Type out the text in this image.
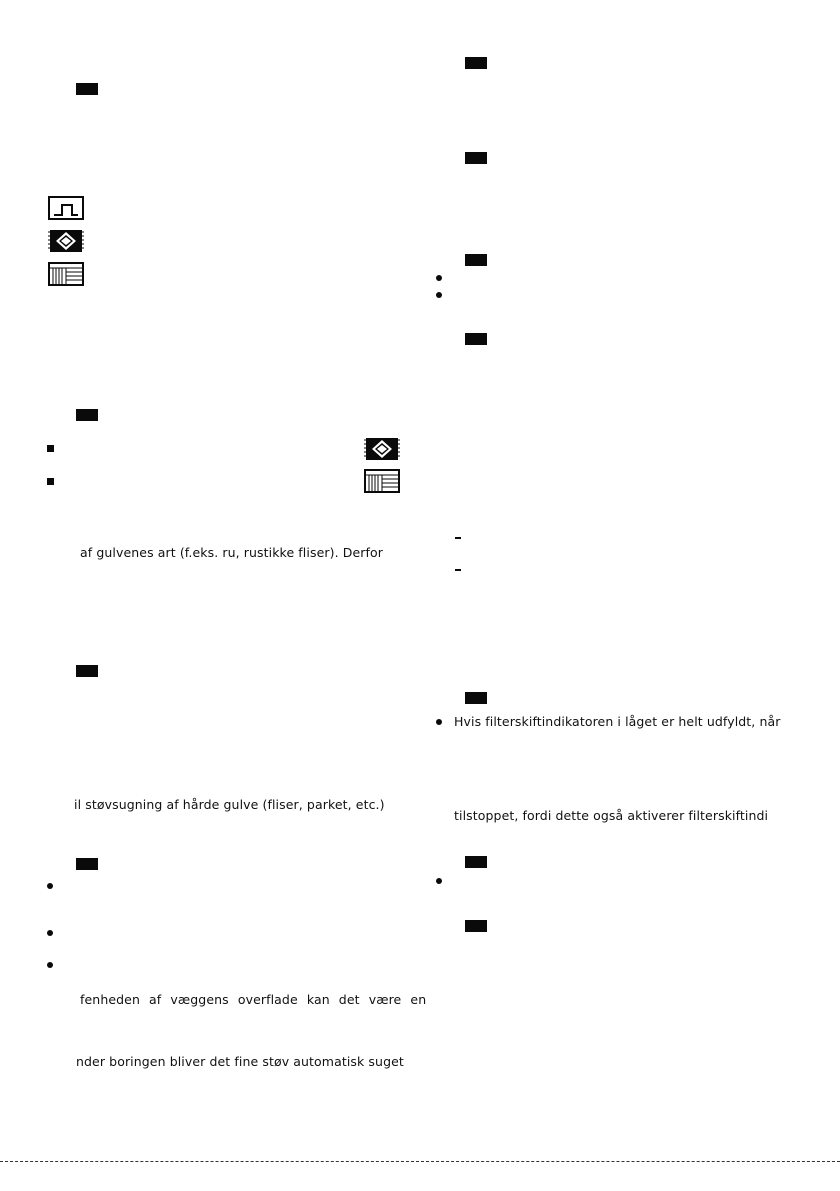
af gulvenes art (f.eks. ru, rustikke fliser). Derfor
il støvsugning af hårde gulve (fliser, parket, etc.)
fenheden af væggens overflade kan det være en
nder boringen bliver det fine støv automatisk suget
Hvis filterskiftindikatoren i låget er helt udfyldt, når
tilstoppet, fordi dette også aktiverer filterskiftindi
